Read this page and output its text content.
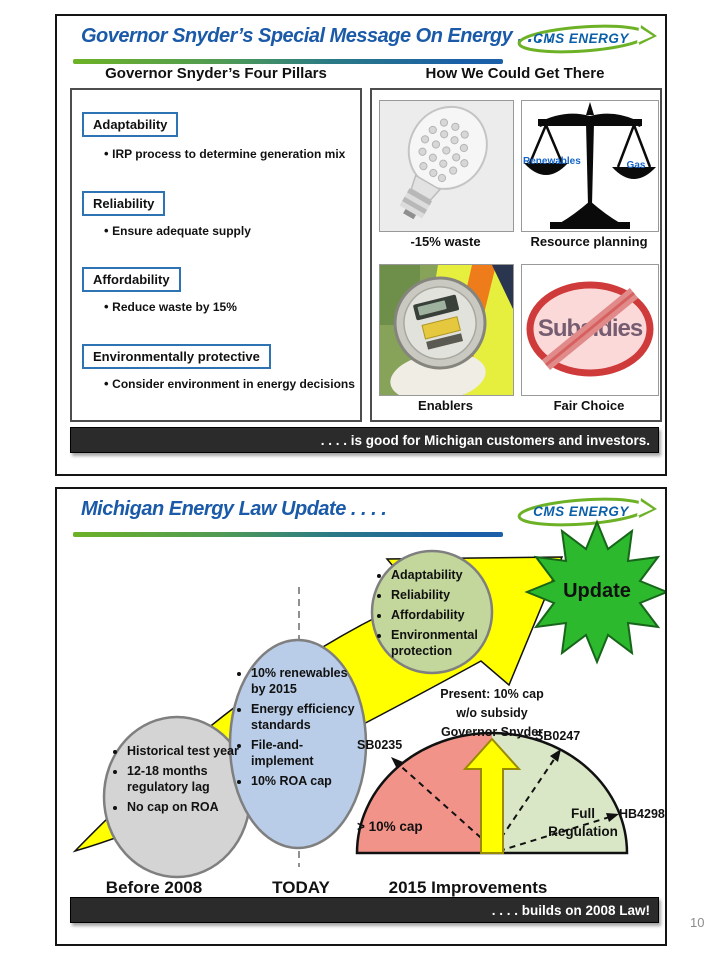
Governor Snyder’s Special Message On Energy . . . .
CMS ENERGY
Governor Snyder’s Four Pillars	How We Could Get There
Adaptability
• IRP process to determine generation mix
Reliability
• Ensure adequate supply
Affordability
• Reduce waste by 15%
Environmentally protective
• Consider environment in energy decisions
-15% waste
Renewables	Gas
Resource planning
Enablers	Fair Choice
. . . . is good for Michigan customers and investors.
Michigan Energy Law Update . . . .	CMS ENERGY
• Historical test year
• 12-18 months regulatory lag
• No cap on ROA
• 10% renewables by 2015
• Energy efficiency standards
• File-and-implement
• 10% ROA cap
• Adaptability
• Reliability
• Affordability
• Environmental protection
Update
Present: 10% cap
w/o subsidy
Governor Snyder
SB0235
SB0247
HB4298
> 10% cap
Full
Regulation
Before 2008	TODAY	2015 Improvements
. . . . builds on 2008 Law!
10
